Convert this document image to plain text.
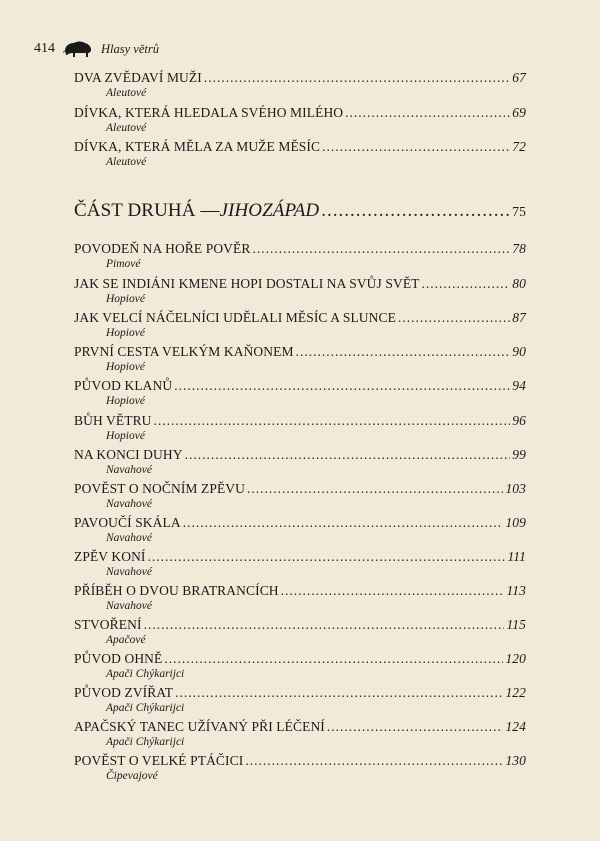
414	Hlasy větrů
DVA ZVĚDAVÍ MUŽI .....	67
Aleutové
DÍVKA, KTERÁ HLEDALA SVÉHO MILÉHO .....	69
Aleutové
DÍVKA, KTERÁ MĚLA ZA MUŽE MĚSÍC .....	72
Aleutové
ČÁST DRUHÁ — JIHOZÁPAD .....	75
POVODEŇ NA HOŘE POVĚR .....	78
Pimové
JAK SE INDIÁNI KMENE HOPI DOSTALI NA SVŮJ SVĚT .....	80
Hopiové
JAK VELCÍ NÁČELNÍCI UDĚLALI MĚSÍC A SLUNCE .....	87
Hopiové
PRVNÍ CESTA VELKÝM KAŇONEM .....	90
Hopiové
PŮVOD KLANŮ .....	94
Hopiové
BŮH VĚTRU .....	96
Hopiové
NA KONCI DUHY .....	99
Navahové
POVĚST O NOČNÍM ZPĚVU .....	103
Navahové
PAVOUČÍ SKÁLA .....	109
Navahové
ZPĚV KONÍ .....	111
Navahové
PŘÍBĚH O DVOU BRATRANCÍCH .....	113
Navahové
STVOŘENÍ .....	115
Apačové
PŮVOD OHNĚ .....	120
Apači Chýkarijci
PŮVOD ZVÍŘAT .....	122
Apači Chýkarijci
APAČSKÝ TANEC UŽÍVANÝ PŘI LÉČENÍ .....	124
Apači Chýkarijci
POVĚST O VELKÉ PTÁČICI .....	130
Čipevajové
